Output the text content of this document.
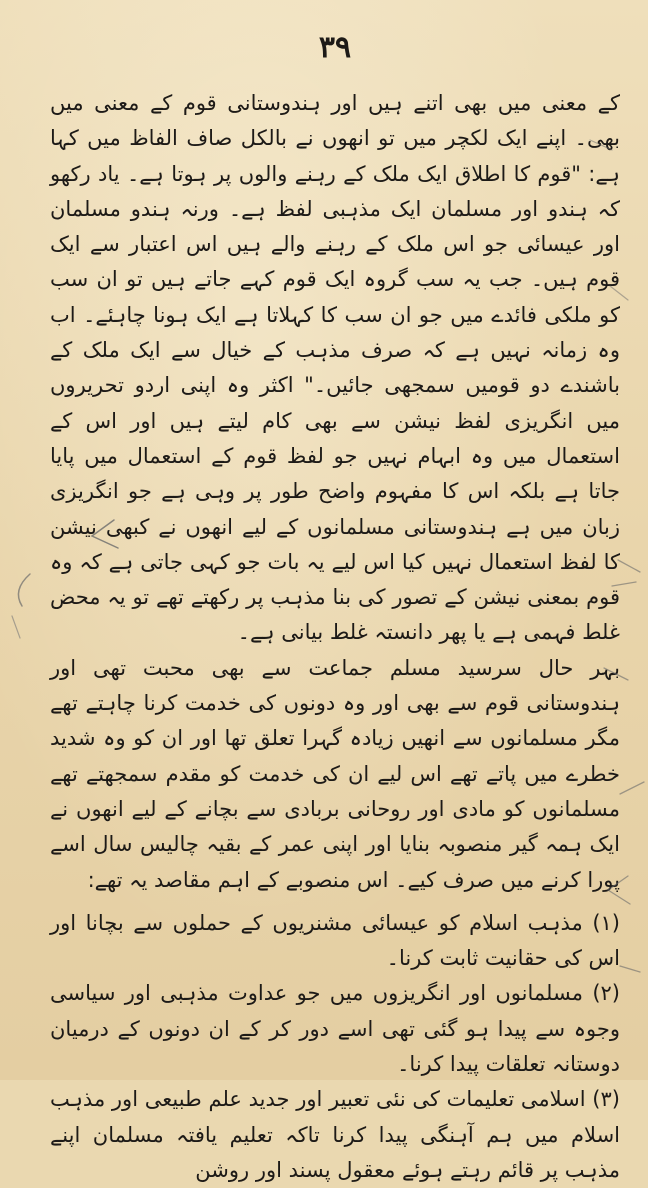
۳۹

کے معنی میں بھی اتنے ہیں اور ہندوستانی قوم کے معنی میں بھی۔ اپنے ایک لکچر میں تو انھوں نے بالکل صاف الفاظ میں کہا ہے: "قوم کا اطلاق ایک ملک کے رہنے والوں پر ہوتا ہے۔ یاد رکھو کہ ہندو اور مسلمان ایک مذہبی لفظ ہے۔ ورنہ ہندو مسلمان اور عیسائی جو اس ملک کے رہنے والے ہیں اس اعتبار سے ایک قوم ہیں۔ جب یہ سب گروہ ایک قوم کہے جاتے ہیں تو ان سب کو ملکی فائدے میں جو ان سب کا کہلاتا ہے ایک ہونا چاہئے۔ اب وہ زمانہ نہیں ہے کہ صرف مذہب کے خیال سے ایک ملک کے باشندے دو قومیں سمجھی جائیں۔" اکثر وہ اپنی اردو تحریروں میں انگریزی لفظ نیشن سے بھی کام لیتے ہیں اور اس کے استعمال میں وہ ابہام نہیں جو لفظ قوم کے استعمال میں پایا جاتا ہے بلکہ اس کا مفہوم واضح طور پر وہی ہے جو انگریزی زبان میں ہے ہندوستانی مسلمانوں کے لیے انھوں نے کبھی نیشن کا لفظ استعمال نہیں کیا اس لیے یہ بات جو کہی جاتی ہے کہ وہ قوم بمعنی نیشن کے تصور کی بنا مذہب پر رکھتے تھے تو یہ محض غلط فہمی ہے یا پھر دانستہ غلط بیانی ہے۔

بہر حال سرسید مسلم جماعت سے بھی محبت تھی اور ہندوستانی قوم سے بھی اور وہ دونوں کی خدمت کرنا چاہتے تھے مگر مسلمانوں سے انھیں زیادہ گہرا تعلق تھا اور ان کو وہ شدید خطرے میں پاتے تھے اس لیے ان کی خدمت کو مقدم سمجھتے تھے مسلمانوں کو مادی اور روحانی بربادی سے بچانے کے لیے انھوں نے ایک ہمہ گیر منصوبہ بنایا اور اپنی عمر کے بقیہ چالیس سال اسے پورا کرنے میں صرف کیے۔ اس منصوبے کے اہم مقاصد یہ تھے:

(۱) مذہب اسلام کو عیسائی مشنریوں کے حملوں سے بچانا اور اس کی حقانیت ثابت کرنا۔

(۲) مسلمانوں اور انگریزوں میں جو عداوت مذہبی اور سیاسی وجوہ سے پیدا ہو گئی تھی اسے دور کر کے ان دونوں کے درمیان دوستانہ تعلقات پیدا کرنا۔

(۳) اسلامی تعلیمات کی نئی تعبیر اور جدید علم طبیعی اور مذہب اسلام میں ہم آہنگی پیدا کرنا تاکہ تعلیم یافتہ مسلمان اپنے مذہب پر قائم رہتے ہوئے معقول پسند اور روشن
